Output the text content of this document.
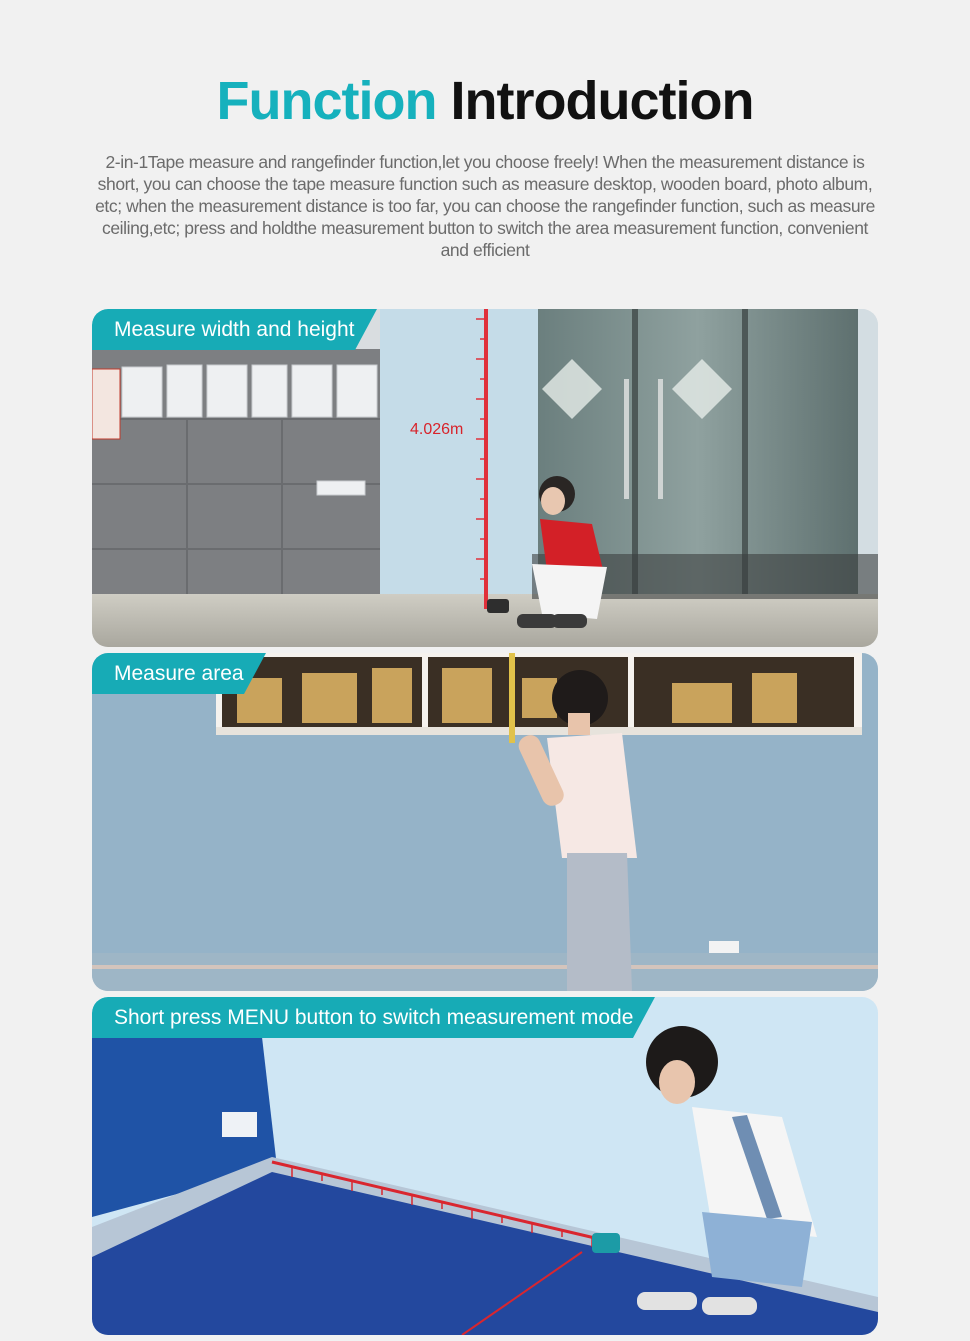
Function Introduction
2-in-1Tape measure and rangefinder function,let you choose freely! When the measurement distance is short, you can choose the tape measure function such as measure desktop, wooden board, photo album, etc; when the measurement distance is too far, you can choose the rangefinder function, such as measure ceiling,etc; press and holdthe measurement button to switch the area measurement function, convenient and efficient
Measure width and height
4.026m
Measure area
Short press MENU button to switch measurement mode
